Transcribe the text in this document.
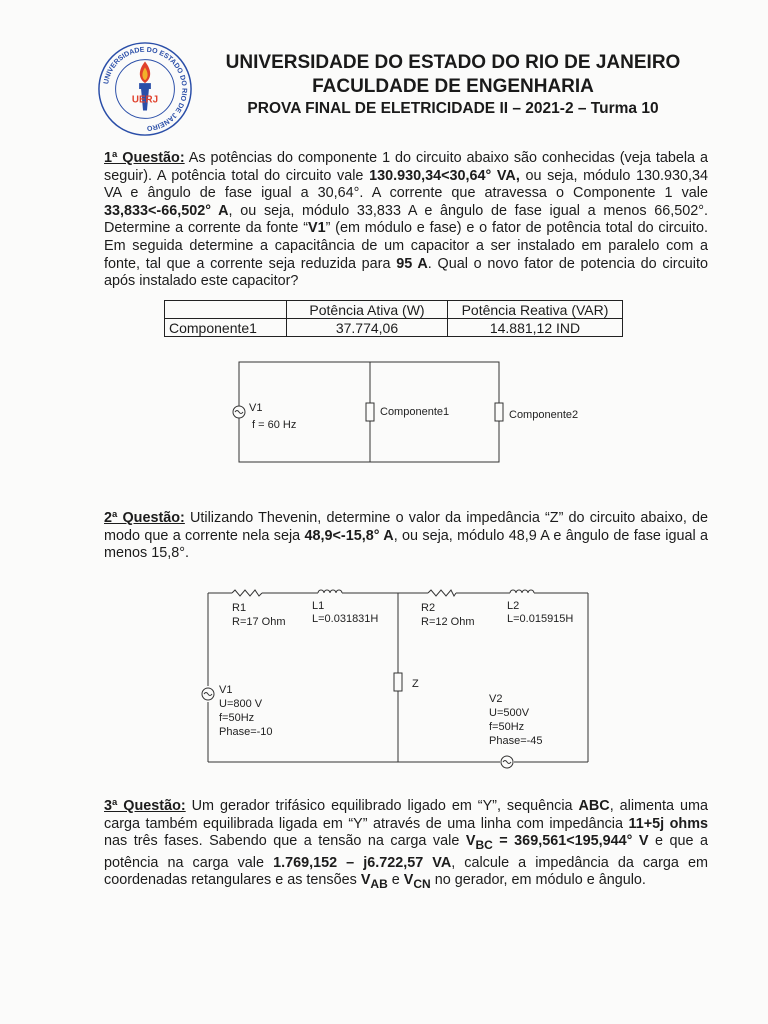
UNIVERSIDADE DO ESTADO DO RIO DE JANEIRO
UERJ
UNIVERSIDADE DO ESTADO DO RIO DE JANEIRO
FACULDADE DE ENGENHARIA
PROVA FINAL DE ELETRICIDADE II – 2021-2 – Turma 10

1ª Questão: As potências do componente 1 do circuito abaixo são conhecidas (veja tabela a seguir). A potência total do circuito vale 130.930,34<30,64° VA, ou seja, módulo 130.930,34 VA e ângulo de fase igual a 30,64°. A corrente que atravessa o Componente 1 vale 33,833<-66,502° A, ou seja, módulo 33,833 A e ângulo de fase igual a menos 66,502°. Determine a corrente da fonte “V1” (em módulo e fase) e o fator de potência total do circuito. Em seguida determine a capacitância de um capacitor a ser instalado em paralelo com a fonte, tal que a corrente seja reduzida para 95 A. Qual o novo fator de potencia do circuito após instalado este capacitor?

	Potência Ativa (W)	Potência Reativa (VAR)
Componente1	37.774,06	14.881,12 IND
V1
f = 60 Hz
Componente1	Componente2

2ª Questão: Utilizando Thevenin, determine o valor da impedância “Z” do circuito abaixo, de modo que a corrente nela seja 48,9<-15,8° A, ou seja, módulo 48,9 A e ângulo de fase igual a menos 15,8°.

Z
R1
R=17 Ohm
L1
L=0.031831H
R2
R=12 Ohm
L2
L=0.015915H
V1
U=800 V
f=50Hz
Phase=-10
V2
U=500V
f=50Hz
Phase=-45

3ª Questão: Um gerador trifásico equilibrado ligado em “Y”, sequência ABC, alimenta uma carga também equilibrada ligada em “Y” através de uma linha com impedância 11+5j ohms nas três fases. Sabendo que a tensão na carga vale $V_{BC} = 369,561<195,944^\circ$ V e que a potência na carga vale 1.769,152 – j6.722,57 VA, calcule a impedância da carga em coordenadas retangulares e as tensões $V_{AB}$ e $V_{CN}$ no gerador, em módulo e ângulo.
